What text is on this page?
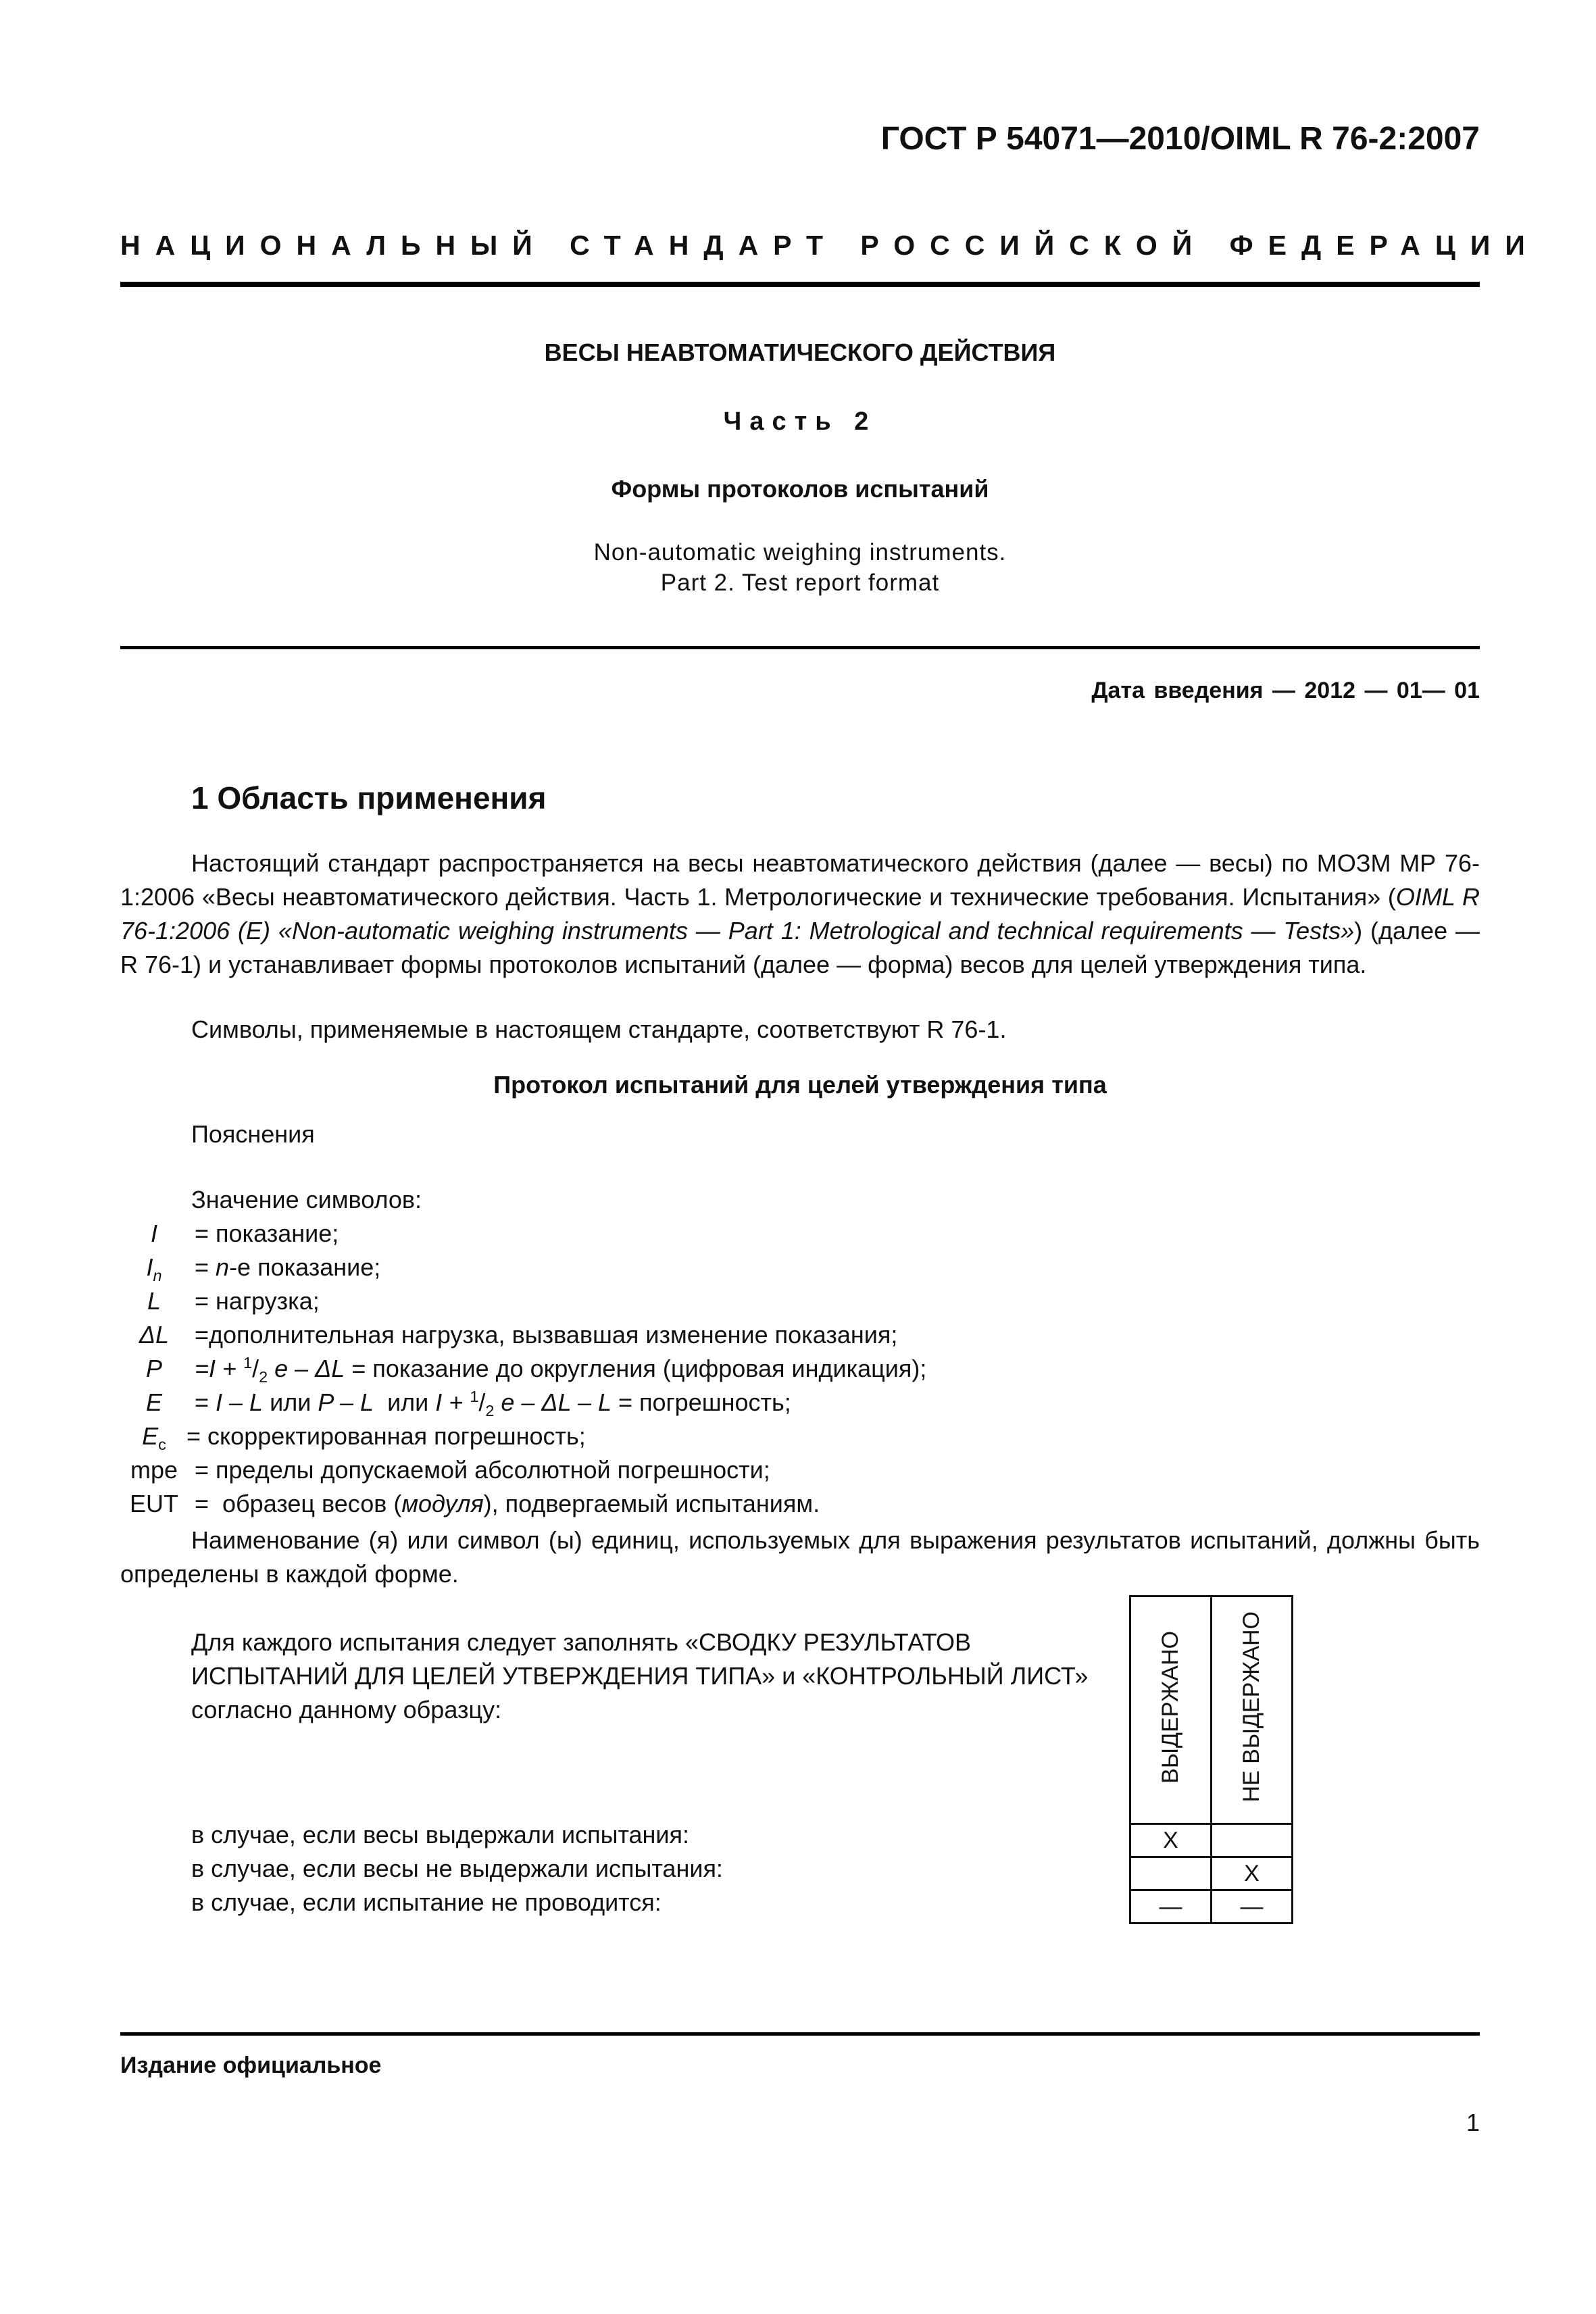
ГОСТ Р 54071—2010/OIML R 76-2:2007
НАЦИОНАЛЬНЫЙ СТАНДАРТ РОССИЙСКОЙ ФЕДЕРАЦИИ
ВЕСЫ НЕАВТОМАТИЧЕСКОГО ДЕЙСТВИЯ
Часть 2
Формы протоколов испытаний
Non-automatic weighing instruments.
Part 2. Test report format
Дата введения — 2012 — 01— 01
1 Область применения
Настоящий стандарт распространяется на весы неавтоматического действия (далее — весы) по МОЗМ МР 76-1:2006 «Весы неавтоматического действия. Часть 1. Метрологические и технические требования. Испытания» (OIML R 76-1:2006 (E) «Non-automatic weighing instruments — Part 1: Metrological and technical requirements — Tests») (далее — R 76-1) и устанавливает формы протоколов испытаний (далее — форма) весов для целей утверждения типа.
Символы, применяемые в настоящем стандарте, соответствуют R 76-1.
Протокол испытаний для целей утверждения типа
Пояснения
Значение символов:
I	= показание;
$I_n$	= n-е показание;
L	= нагрузка;
ΔL	=дополнительная нагрузка, вызвавшая изменение показания;
P	$=I + ^1/_2$ e – ΔL = показание до округления (цифровая индикация);
E	= I – L или P – L  или $I + ^1/_2$ e – ΔL – L = погрешность;
$E_c$ = скорректированная погрешность;
mpe = пределы допускаемой абсолютной погрешности;
EUT =  образец весов (модуля), подвергаемый испытаниям.
Наименование (я) или символ (ы) единиц, используемых для выражения результатов испытаний, должны быть определены в каждой форме.
Для каждого испытания следует заполнять «СВОДКУ РЕЗУЛЬТАТОВ ИСПЫТАНИЙ ДЛЯ ЦЕЛЕЙ УТВЕРЖДЕНИЯ ТИПА» и «КОНТРОЛЬНЫЙ ЛИСТ» согласно данному образцу:
в случае, если весы выдержали испытания:
в случае, если весы не выдержали испытания:
в случае, если испытание не проводится:
ВЫДЕРЖАНО	НЕ ВЫДЕРЖАНО
X	
	X
—	—
Издание официальное
1
